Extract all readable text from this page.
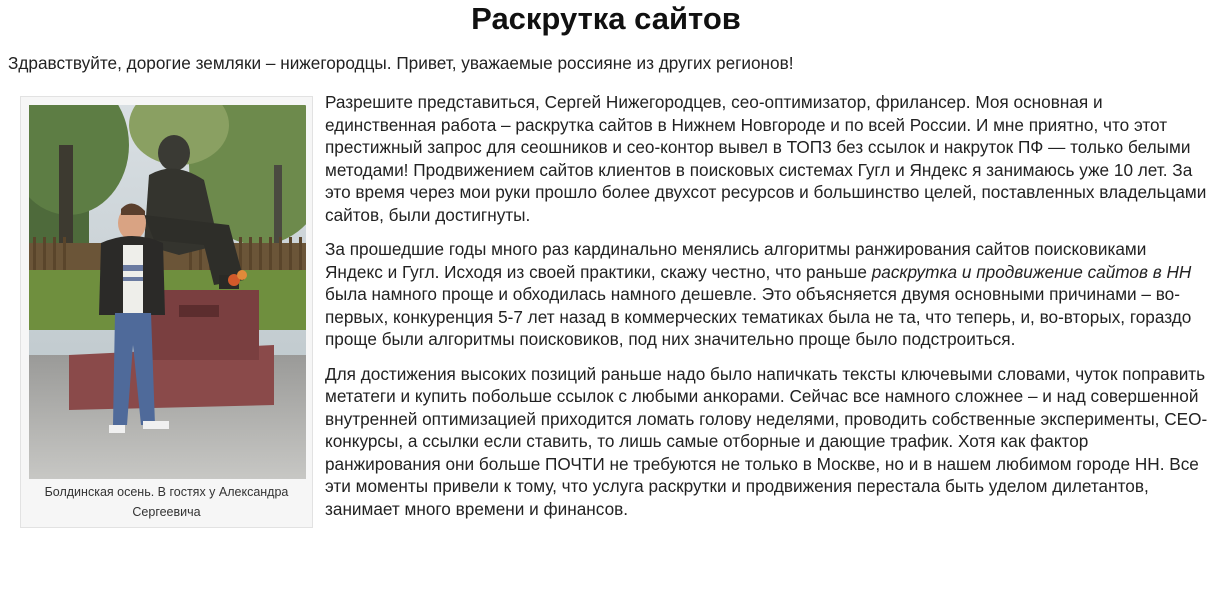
Раскрутка сайтов

Здравствуйте, дорогие земляки – нижегородцы. Привет, уважаемые россияне из других регионов!

Болдинская осень. В гостях у Александра Сергеевича

Разрешите представиться, Сергей Нижегородцев, сео-оптимизатор, фрилансер. Моя основная и единственная работа – раскрутка сайтов в Нижнем Новгороде и по всей России. И мне приятно, что этот престижный запрос для сеошников и сео-контор вывел в ТОП3 без ссылок и накруток ПФ — только белыми методами! Продвижением сайтов клиентов в поисковых системах Гугл и Яндекс я занимаюсь уже 10 лет. За это время через мои руки прошло более двухсот ресурсов и большинство целей, поставленных владельцами сайтов, были достигнуты.

За прошедшие годы много раз кардинально менялись алгоритмы ранжирования сайтов поисковиками Яндекс и Гугл. Исходя из своей практики, скажу честно, что раньше раскрутка и продвижение сайтов в НН была намного проще и обходилась намного дешевле. Это объясняется двумя основными причинами – во-первых, конкуренция 5-7 лет назад в коммерческих тематиках была не та, что теперь, и, во-вторых, гораздо проще были алгоритмы поисковиков, под них значительно проще было подстроиться.

Для достижения высоких позиций раньше надо было напичкать тексты ключевыми словами, чуток поправить метатеги и купить побольше ссылок с любыми анкорами. Сейчас все намного сложнее – и над совершенной внутренней оптимизацией приходится ломать голову неделями, проводить собственные эксперименты, СЕО-конкурсы, а ссылки если ставить, то лишь самые отборные и дающие трафик. Хотя как фактор ранжирования они больше ПОЧТИ не требуются не только в Москве, но и в нашем любимом городе НН. Все эти моменты привели к тому, что услуга раскрутки и продвижения перестала быть уделом дилетантов, занимает много времени и финансов.
